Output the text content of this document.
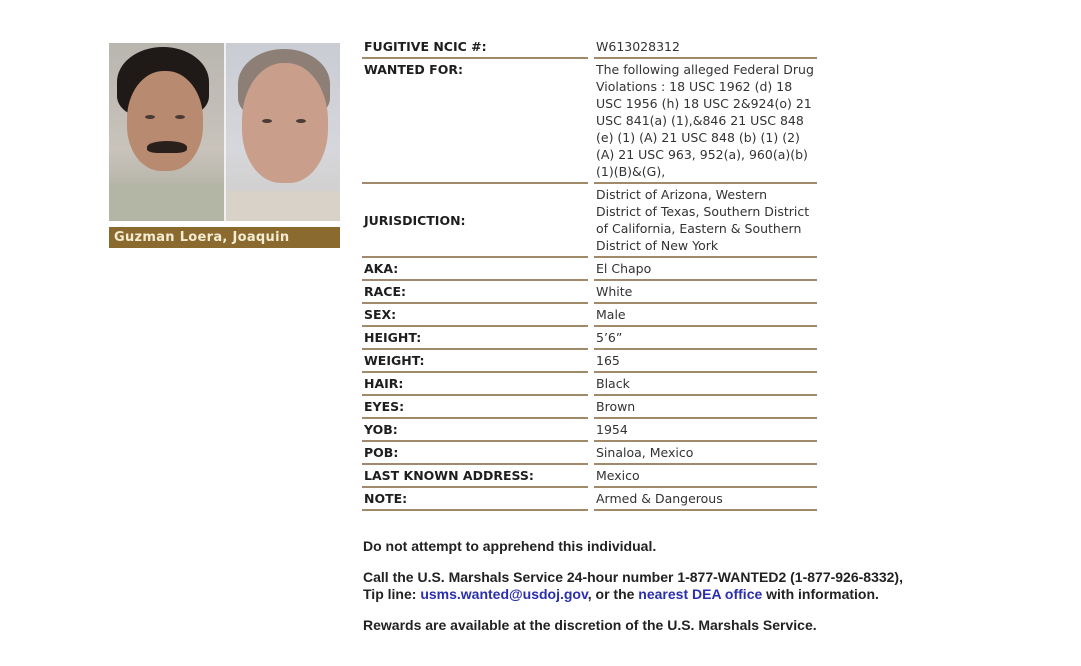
Guzman Loera, Joaquin
FUGITIVE NCIC #:		W613028312
WANTED FOR:		The following alleged Federal Drug Violations : 18 USC 1962 (d) 18 USC 1956 (h) 18 USC 2&924(o) 21 USC 841(a) (1),&846 21 USC 848 (e) (1) (A) 21 USC 848 (b) (1) (2) (A) 21 USC 963, 952(a), 960(a)(b) (1)(B)&(G),
JURISDICTION:		District of Arizona, Western District of Texas, Southern District of California, Eastern & Southern District of New York
AKA:		El Chapo
RACE:		White
SEX:		Male
HEIGHT:		5’6”
WEIGHT:		165
HAIR:		Black
EYES:		Brown
YOB:		1954
POB:		Sinaloa, Mexico
LAST KNOWN ADDRESS:		Mexico
NOTE:		Armed & Dangerous

Do not attempt to apprehend this individual.

Call the U.S. Marshals Service 24-hour number 1-877-WANTED2 (1-877-926-8332),
Tip line: usms.wanted@usdoj.gov, or the nearest DEA office with information.

Rewards are available at the discretion of the U.S. Marshals Service.
